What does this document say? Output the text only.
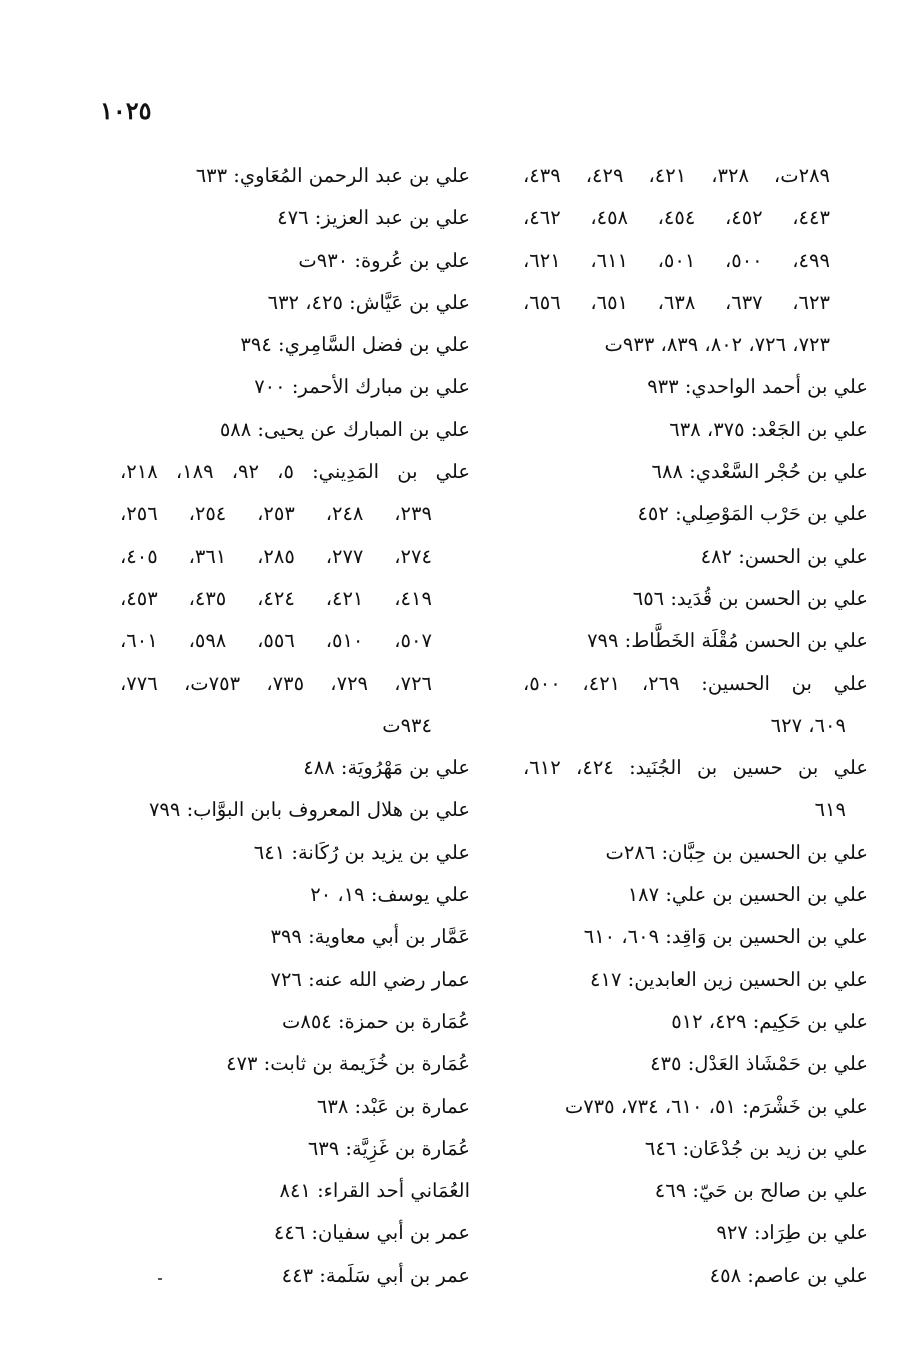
١٠٢٥
٢٨٩ت، ٣٢٨، ٤٢١، ٤٢٩، ٤٣٩،
٤٤٣، ٤٥٢، ٤٥٤، ٤٥٨، ٤٦٢،
٤٩٩، ٥٠٠، ٥٠١، ٦١١، ٦٢١،
٦٢٣، ٦٣٧، ٦٣٨، ٦٥١، ٦٥٦،
٧٢٣، ٧٢٦، ٨٠٢، ٨٣٩، ٩٣٣ت
علي بن أحمد الواحدي: ٩٣٣
علي بن الجَعْد: ٣٧٥، ٦٣٨
علي بن حُجْر السَّعْدي: ٦٨٨
علي بن حَرْب المَوْصِلي: ٤٥٢
علي بن الحسن: ٤٨٢
علي بن الحسن بن قُدَيد: ٦٥٦
علي بن الحسن مُقْلَة الخَطَّاط: ٧٩٩
علي بن الحسين: ٢٦٩، ٤٢١، ٥٠٠،
٦٠٩، ٦٢٧
علي بن حسين بن الجُنَيد: ٤٢٤، ٦١٢،
٦١٩
علي بن الحسين بن حِبَّان: ٢٨٦ت
علي بن الحسين بن علي: ١٨٧
علي بن الحسين بن وَاقِد: ٦٠٩، ٦١٠
علي بن الحسين زين العابدين: ٤١٧
علي بن حَكِيم: ٤٢٩، ٥١٢
علي بن حَمْشَاذ العَدْل: ٤٣٥
علي بن خَشْرَم: ٥١، ٦١٠، ٧٣٤، ٧٣٥ت
علي بن زيد بن جُدْعَان: ٦٤٦
علي بن صالح بن حَيّ: ٤٦٩
علي بن طِرَاد: ٩٢٧
علي بن عاصم: ٤٥٨
علي بن عبد الرحمن المُعَاوي: ٦٣٣
علي بن عبد العزيز: ٤٧٦
علي بن عُروة: ٩٣٠ت
علي بن عَيَّاش: ٤٢٥، ٦٣٢
علي بن فضل السَّامِري: ٣٩٤
علي بن مبارك الأحمر: ٧٠٠
علي بن المبارك عن يحيى: ٥٨٨
علي بن المَدِيني: ٥، ٩٢، ١٨٩، ٢١٨،
٢٣٩، ٢٤٨، ٢٥٣، ٢٥٤، ٢٥٦،
٢٧٤، ٢٧٧، ٢٨٥، ٣٦١، ٤٠٥،
٤١٩، ٤٢١، ٤٢٤، ٤٣٥، ٤٥٣،
٥٠٧، ٥١٠، ٥٥٦، ٥٩٨، ٦٠١،
٧٢٦، ٧٢٩، ٧٣٥، ٧٥٣ت، ٧٧٦،
٩٣٤ت
علي بن مَهْرُويَة: ٤٨٨
علي بن هلال المعروف بابن البوَّاب: ٧٩٩
علي بن يزيد بن رُكَانة: ٦٤١
علي يوسف: ١٩، ٢٠
عَمَّار بن أبي معاوية: ٣٩٩
عمار رضي الله عنه: ٧٢٦
عُمَارة بن حمزة: ٨٥٤ت
عُمَارة بن خُزَيمة بن ثابت: ٤٧٣
عمارة بن عَبْد: ٦٣٨
عُمَارة بن غَزِيَّة: ٦٣٩
العُمَاني أحد القراء: ٨٤١
عمر بن أبي سفيان: ٤٤٦
عمر بن أبي سَلَمة: ٤٤٣
